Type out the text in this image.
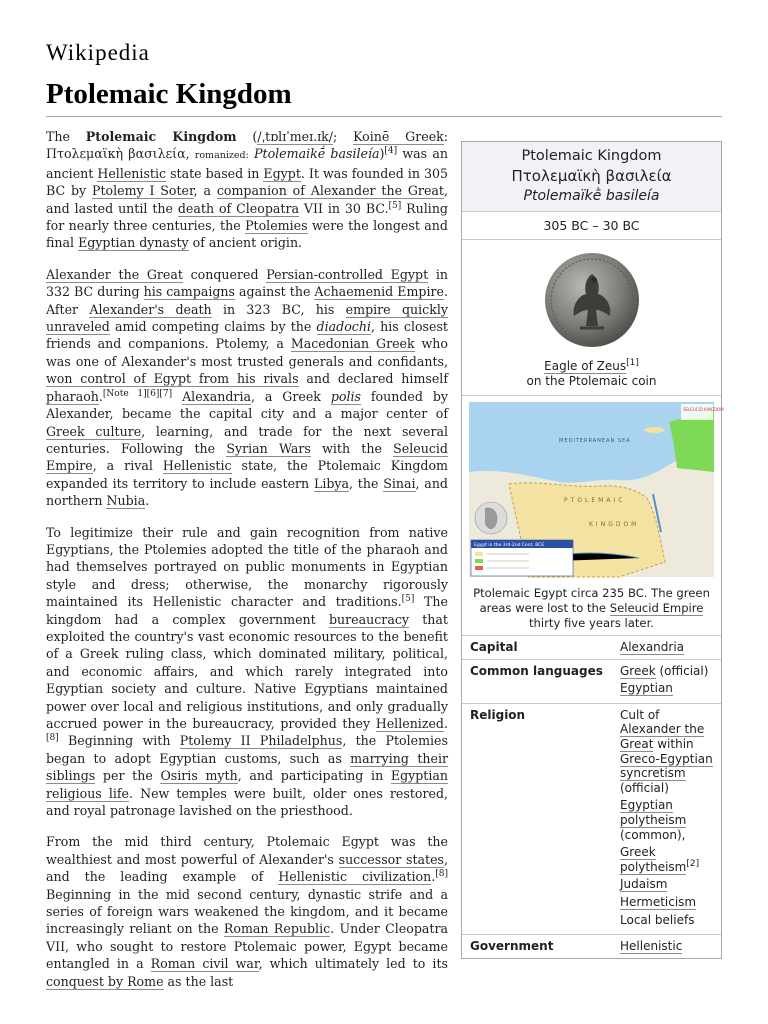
Wikipedia
Ptolemaic Kingdom

The Ptolemaic Kingdom (/ˌtɒlɪˈmeɪ.ɪk/; Koinē Greek: Πτολεμαϊκὴ βασιλεία, romanized: Ptolemaikḗ basileía)[4] was an ancient Hellenistic state based in Egypt. It was founded in 305 BC by Ptolemy I Soter, a companion of Alexander the Great, and lasted until the death of Cleopatra VII in 30 BC.[5] Ruling for nearly three centuries, the Ptolemies were the longest and final Egyptian dynasty of ancient origin.

Alexander the Great conquered Persian-controlled Egypt in 332 BC during his campaigns against the Achaemenid Empire. After Alexander's death in 323 BC, his empire quickly unraveled amid competing claims by the diadochi, his closest friends and companions. Ptolemy, a Macedonian Greek who was one of Alexander's most trusted generals and confidants, won control of Egypt from his rivals and declared himself pharaoh.[Note 1][6][7] Alexandria, a Greek polis founded by Alexander, became the capital city and a major center of Greek culture, learning, and trade for the next several centuries. Following the Syrian Wars with the Seleucid Empire, a rival Hellenistic state, the Ptolemaic Kingdom expanded its territory to include eastern Libya, the Sinai, and northern Nubia.

To legitimize their rule and gain recognition from native Egyptians, the Ptolemies adopted the title of the pharaoh and had themselves portrayed on public monuments in Egyptian style and dress; otherwise, the monarchy rigorously maintained its Hellenistic character and traditions.[5] The kingdom had a complex government bureaucracy that exploited the country's vast economic resources to the benefit of a Greek ruling class, which dominated military, political, and economic affairs, and which rarely integrated into Egyptian society and culture. Native Egyptians maintained power over local and religious institutions, and only gradually accrued power in the bureaucracy, provided they Hellenized.[8] Beginning with Ptolemy II Philadelphus, the Ptolemies began to adopt Egyptian customs, such as marrying their siblings per the Osiris myth, and participating in Egyptian religious life. New temples were built, older ones restored, and royal patronage lavished on the priesthood.

From the mid third century, Ptolemaic Egypt was the wealthiest and most powerful of Alexander's successor states, and the leading example of Hellenistic civilization.[8] Beginning in the mid second century, dynastic strife and a series of foreign wars weakened the kingdom, and it became increasingly reliant on the Roman Republic. Under Cleopatra VII, who sought to restore Ptolemaic power, Egypt became entangled in a Roman civil war, which ultimately led to its conquest by Rome as the last

Ptolemaic Kingdom
Πτολεμαϊκὴ βασιλεία
Ptolemaïkḕ basileía
305 BC – 30 BC
Eagle of Zeus[1]
on the Ptolemaic coin
MEDITERRANEAN SEA
PTOLEMAIC
KINGDOM
SELEUCID KINGDOM
Egypt in the 3rd-2nd Cent. BCE
Ptolemaic Egypt circa 235 BC. The green areas were lost to the Seleucid Empire thirty five years later.
Capital	Alexandria
Common languages	Greek (official)
Egyptian
Religion	Cult of Alexander the Great within Greco-Egyptian syncretism (official)
Egyptian polytheism (common),
Greek polytheism[2]
Judaism
Hermeticism
Local beliefs
Government	Hellenistic
